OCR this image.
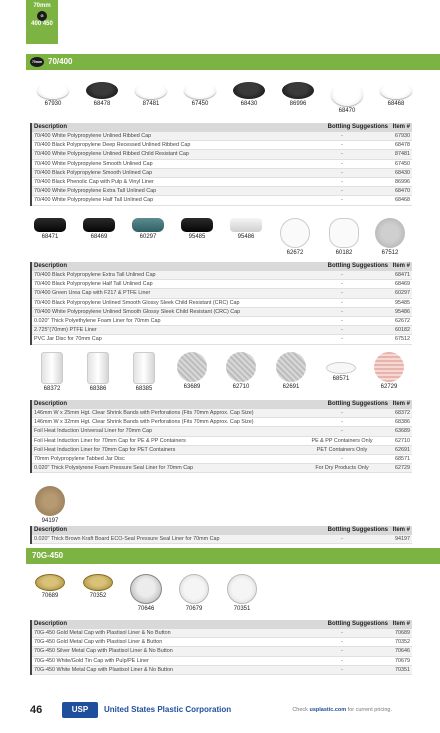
70mm
G
400 450
70mm 70/400
67930	68478	87481	67450	68430	86996
68470
68468
Description	Bottling Suggestions Item #
70/400 White Polypropylene Unlined Ribbed Cap	-	67930
70/400 Black Polypropylene Deep Recessed Unlined Ribbed Cap	-	68478
70/400 White Polypropylene Unlined Ribbed Child Resistant Cap	-	87481
70/400 White Polypropylene Smooth Unlined Cap	-	67450
70/400 Black Polypropylene Smooth Unlined Cap	-	68430
70/400 Black Phenolic Cap with Pulp & Vinyl Liner	-	86996
70/400 White Polypropylene Extra Tall Unlined Cap	-	68470
70/400 White Polypropylene Half Tall Unlined Cap	-	68468
68471	68469	60297	95485	95486
62672	60182	67512
Description	Bottling Suggestions Item #
70/400 Black Polypropylene Extra Tall Unlined Cap	-	68471
70/400 Black Polypropylene Half Tall Unlined Cap	-	68469
70/400 Green Urea Cap with F217 & PTFE Liner	-	60297
70/400 Black Polypropylene Unlined Smooth Glossy Sleek Child Resistant (CRC) Cap	-	95485
70/400 White Polypropylene Unlined Smooth Glossy Sleek Child Resistant (CRC) Cap	-	95486
0.020" Thick Polyethylene Foam Liner for 70mm Cap	-	62672
2.725"(70mm) PTFE Liner	-	60182
PVC Jar Disc for 70mm Cap	-	67512
68372	68386	68385	63689	62710	62691
68571
62729
Description	Bottling Suggestions Item #
146mm W x 25mm Hgt. Clear Shrink Bands with Perforations (Fits 70mm Approx. Cap Size)	-	68372
146mm W x 32mm Hgt. Clear Shrink Bands with Perforations (Fits 70mm Approx. Cap Size)	-	68386
Foil Heat Induction Universal Liner for 70mm Cap	-	63689
Foil Heat Induction Liner for 70mm Cap for PE & PP Containers	PE & PP Containers Only	62710
Foil Heat Induction Liner for 70mm Cap for PET Containers	PET Containers Only	62691
70mm Polypropylene Tabbed Jar Disc	-	68571
0.020" Thick Polystyrene Foam Pressure Seal Liner for 70mm Cap	For Dry Products Only	62729
94197
Description	Bottling Suggestions Item #
0.020" Thick Brown Kraft Board ECO-Seal Pressure Seal Liner for 70mm Cap	-	94197
70G-450
70689	70352
70646	70679	70351
Description	Bottling Suggestions Item #
70G-450 Gold Metal Cap with Plastisol Liner & No Button	-	70689
70G-450 Gold Metal Cap with Plastisol Liner & Button	-	70352
70G-450 Silver Metal Cap with Plastisol Liner & No Button	-	70646
70G-450 White/Gold Tin Cap with Pulp/PE Liner	-	70679
70G-450 White Metal Cap with Plastisol Liner & No Button	-	70351
46	USP	United States Plastic Corporation	Check usplastic.com for current pricing.
